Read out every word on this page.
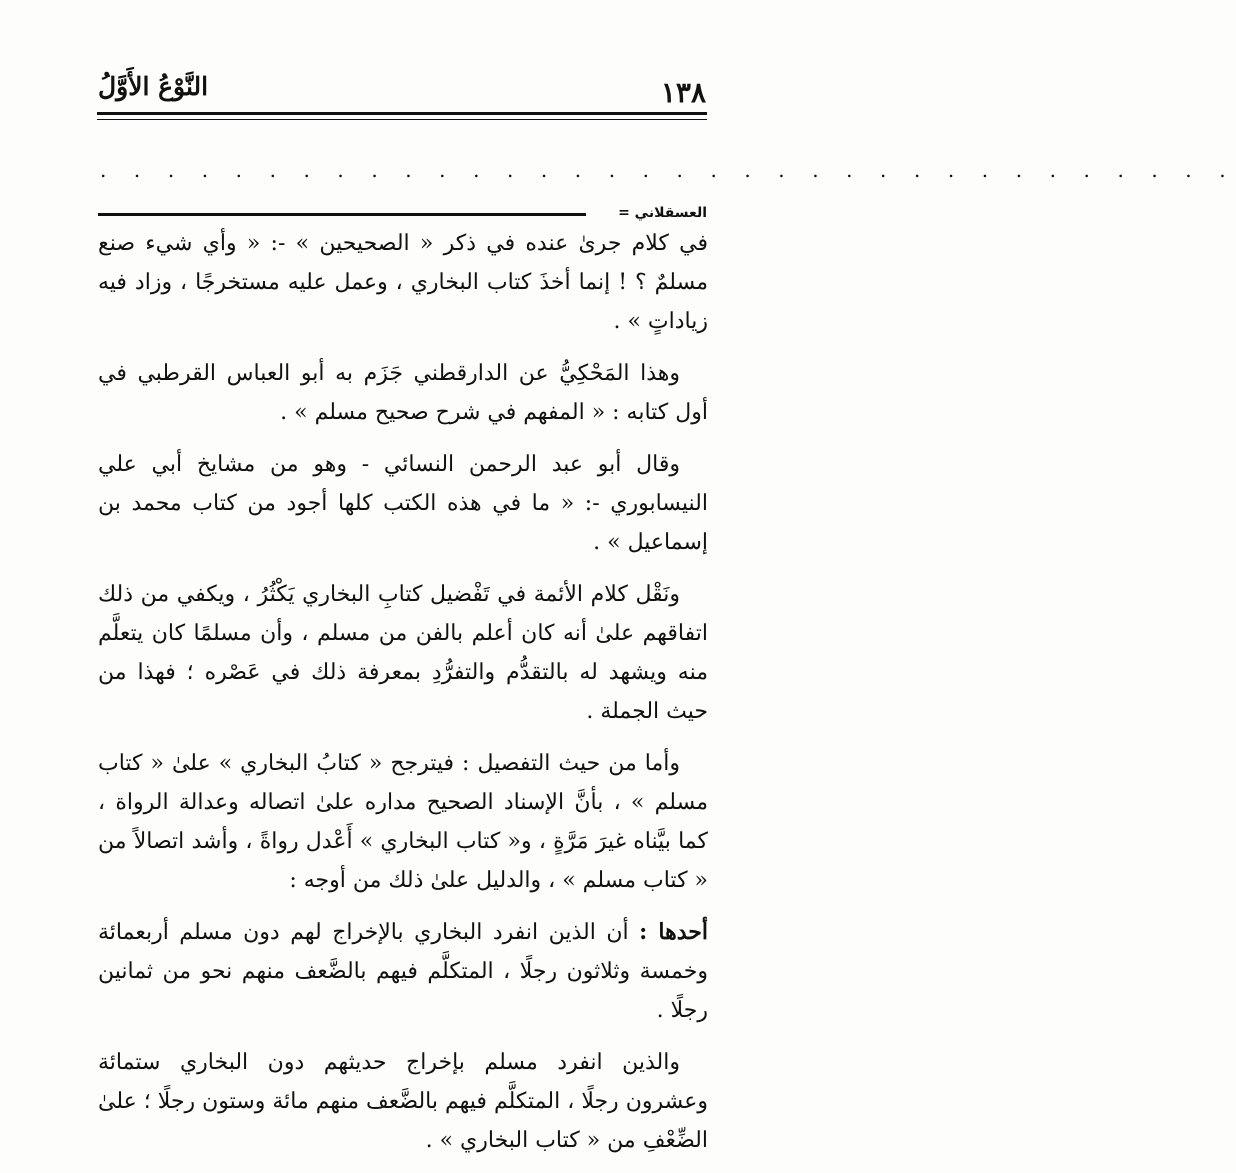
١٣٨
النَّوْعُ الأَوَّلُ
. . . . . . . . . . . . . . . . . . . . . . . . . . . . . . . . . .
العسقلاني =

في كلام جرىٰ عنده في ذكر « الصحيحين » -: « وأي شيء صنع مسلمٌ ؟ ! إنما أخذَ كتاب البخاري ، وعمل عليه مستخرجًا ، وزاد فيه زياداتٍ » .

وهذا المَحْكِيُّ عن الدارقطني جَزَم به أبو العباس القرطبي في أول كتابه : « المفهم في شرح صحيح مسلم » .

وقال أبو عبد الرحمن النسائي - وهو من مشايخ أبي علي النيسابوري -: « ما في هذه الكتب كلها أجود من كتاب محمد بن إسماعيل » .

ونَقْل كلام الأئمة في تَفْضيل كتابِ البخاري يَكْثُرُ ، ويكفي من ذلك اتفاقهم علىٰ أنه كان أعلم بالفن من مسلم ، وأن مسلمًا كان يتعلَّم منه ويشهد له بالتقدُّم والتفرُّدِ بمعرفة ذلك في عَصْره ؛ فهذا من حيث الجملة .

وأما من حيث التفصيل : فيترجح « كتابُ البخاري » علىٰ « كتاب مسلم » ، بأنَّ الإسناد الصحيح مداره علىٰ اتصاله وعدالة الرواة ، كما بيَّناه غيرَ مَرَّةٍ ، و« كتاب البخاري » أَعْدل رواةً ، وأشد اتصالاً من « كتاب مسلم » ، والدليل علىٰ ذلك من أوجه :

أحدها : أن الذين انفرد البخاري بالإخراج لهم دون مسلم أربعمائة وخمسة وثلاثون رجلًا ، المتكلَّم فيهم بالضَّعف منهم نحو من ثمانين رجلًا .

والذين انفرد مسلم بإخراج حديثهم دون البخاري ستمائة وعشرون رجلًا ، المتكلَّم فيهم بالضَّعف منهم مائة وستون رجلًا ؛ علىٰ الضِّعْفِ من « كتاب البخاري » .
